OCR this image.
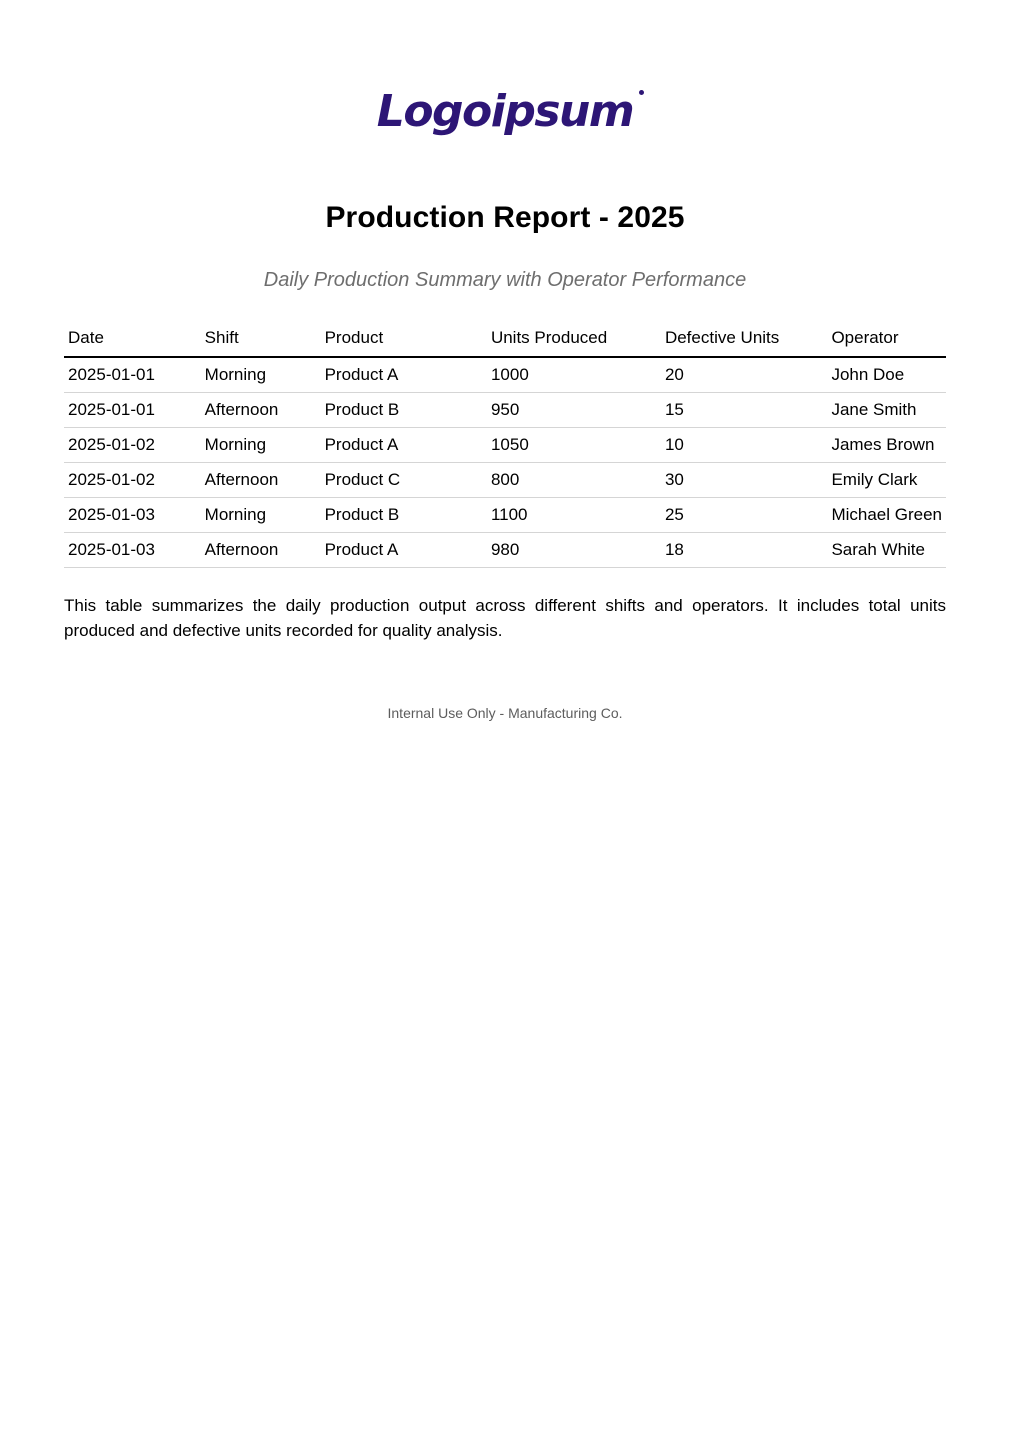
Logoipsum
Production Report - 2025
Daily Production Summary with Operator Performance
Date	Shift	Product	Units Produced	Defective Units	Operator
2025-01-01	Morning	Product A	1000	20	John Doe
2025-01-01	Afternoon	Product B	950	15	Jane Smith
2025-01-02	Morning	Product A	1050	10	James Brown
2025-01-02	Afternoon	Product C	800	30	Emily Clark
2025-01-03	Morning	Product B	1100	25	Michael Green
2025-01-03	Afternoon	Product A	980	18	Sarah White

This table summarizes the daily production output across different shifts and operators. It includes total units produced and defective units recorded for quality analysis.

Internal Use Only - Manufacturing Co.
